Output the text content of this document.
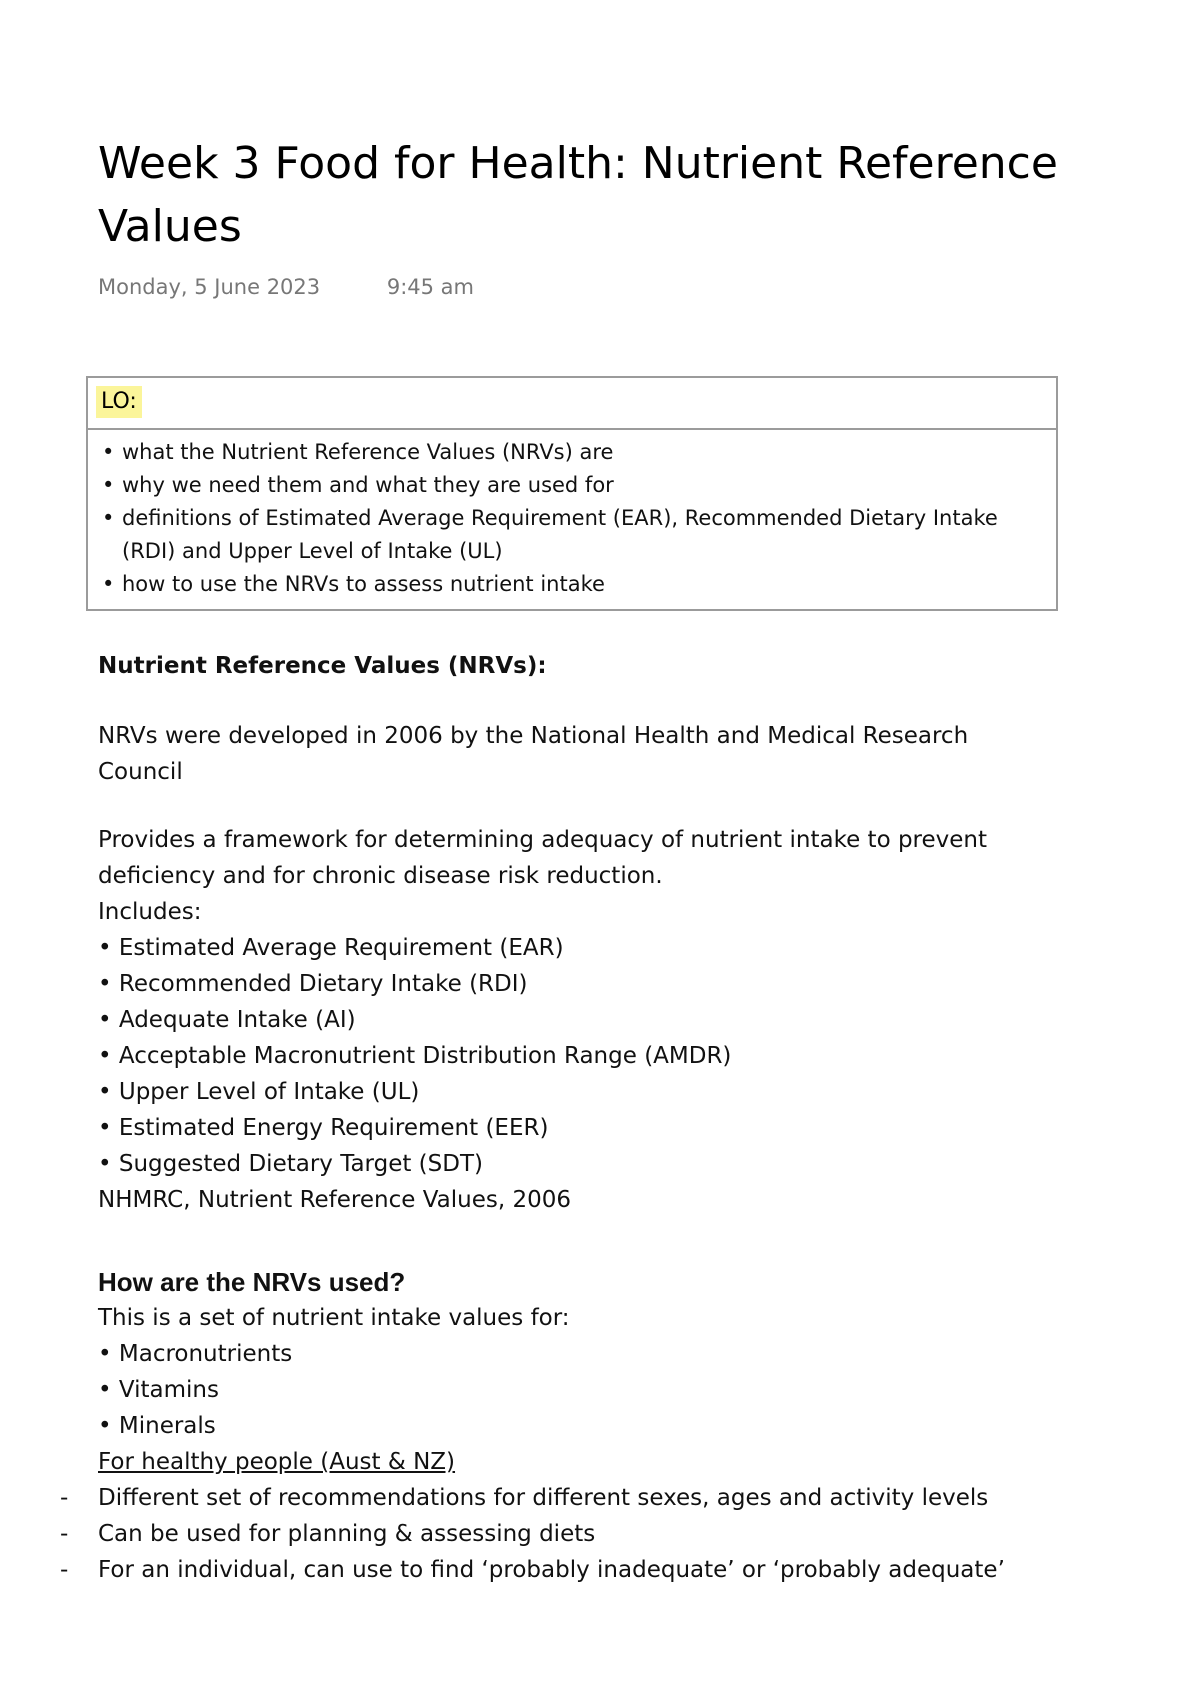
Week 3 Food for Health: Nutrient Reference Values
Monday, 5 June 2023	9:45 am
LO:
• what the Nutrient Reference Values (NRVs) are
• why we need them and what they are used for
• definitions of Estimated Average Requirement (EAR), Recommended Dietary Intake (RDI) and Upper Level of Intake (UL)
• how to use the NRVs to assess nutrient intake
Nutrient Reference Values (NRVs):
NRVs were developed in 2006 by the National Health and Medical Research Council
Provides a framework for determining adequacy of nutrient intake to prevent deficiency and for chronic disease risk reduction.
Includes:
• Estimated Average Requirement (EAR)
• Recommended Dietary Intake (RDI)
• Adequate Intake (AI)
• Acceptable Macronutrient Distribution Range (AMDR)
• Upper Level of Intake (UL)
• Estimated Energy Requirement (EER)
• Suggested Dietary Target (SDT)
NHMRC, Nutrient Reference Values, 2006
How are the NRVs used?
This is a set of nutrient intake values for:
• Macronutrients
• Vitamins
• Minerals
For healthy people (Aust & NZ)
- Different set of recommendations for different sexes, ages and activity levels
- Can be used for planning & assessing diets
- For an individual, can use to find ‘probably inadequate’ or ‘probably adequate’
